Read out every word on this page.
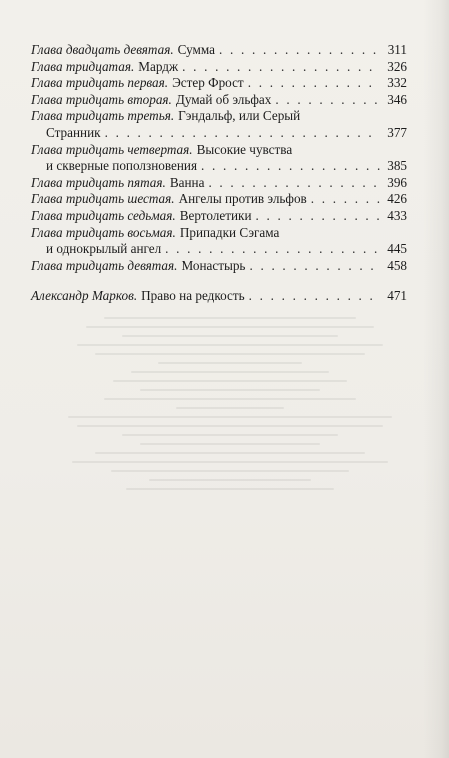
Глава двадцать девятая. Сумма . . .	311
Глава тридцатая. Мардж . . .	326
Глава тридцать первая. Эстер Фрост . . .	332
Глава тридцать вторая. Думай об эльфах . . .	346
Глава тридцать третья. Гэндальф, или Серый
Странник . . .	377
Глава тридцать четвертая. Высокие чувства
и скверные поползновения . . .	385
Глава тридцать пятая. Ванна . . .	396
Глава тридцать шестая. Ангелы против эльфов . . .	426
Глава тридцать седьмая. Вертолетики . . .	433
Глава тридцать восьмая. Припадки Сэгама
и однокрылый ангел . . .	445
Глава тридцать девятая. Монастырь . . .	458
Александр Марков. Право на редкость . . .	471
